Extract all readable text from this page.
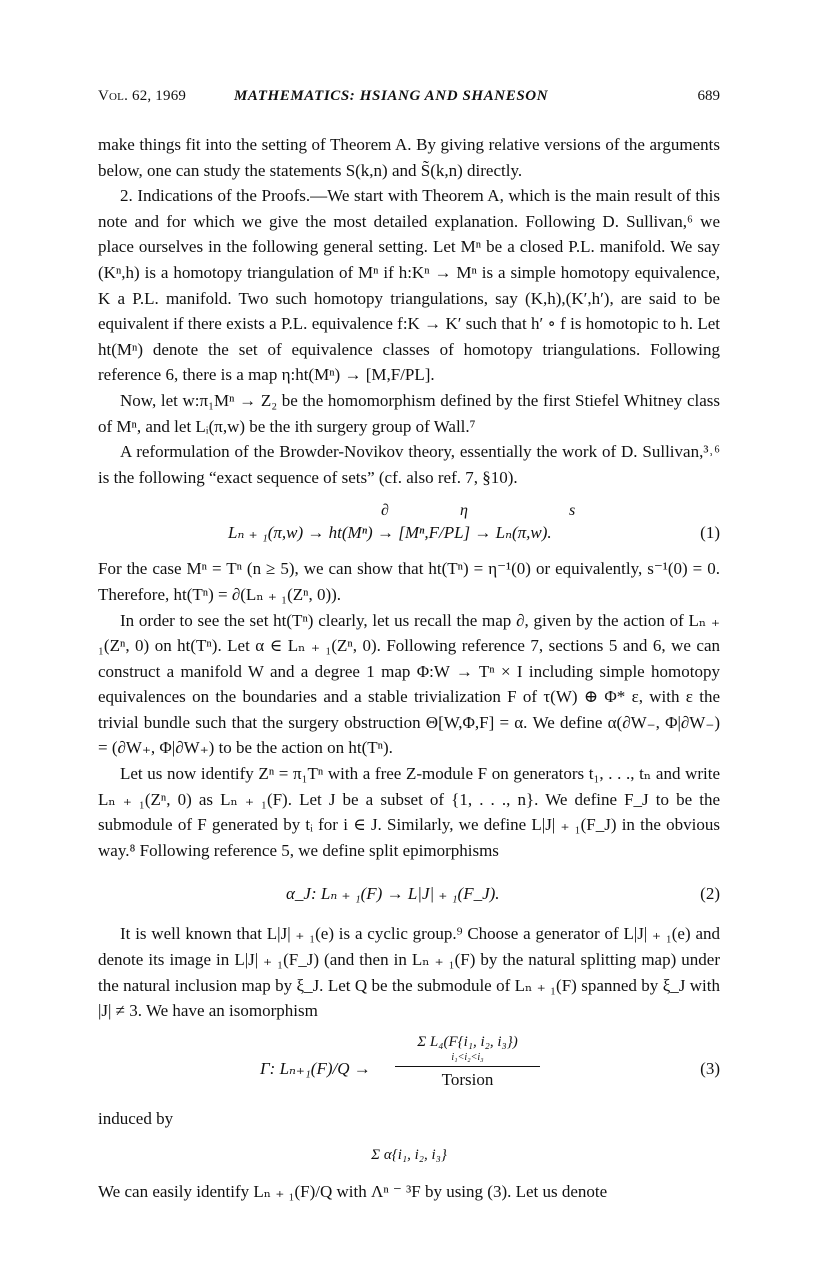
Vol. 62, 1969	MATHEMATICS: HSIANG AND SHANESON	689

make things fit into the setting of Theorem A. By giving relative versions of the arguments below, one can study the statements S(k,n) and S̃(k,n) directly.

2. Indications of the Proofs.—We start with Theorem A, which is the main result of this note and for which we give the most detailed explanation. Following D. Sullivan,⁶ we place ourselves in the following general setting. Let Mⁿ be a closed P.L. manifold. We say (Kⁿ,h) is a homotopy triangulation of Mⁿ if h:Kⁿ → Mⁿ is a simple homotopy equivalence, K a P.L. manifold. Two such homotopy triangulations, say (K,h),(K′,h′), are said to be equivalent if there exists a P.L. equivalence f:K → K′ such that h′ ∘ f is homotopic to h. Let ht(Mⁿ) denote the set of equivalence classes of homotopy triangulations. Following reference 6, there is a map η:ht(Mⁿ) → [M,F/PL].

Now, let w:π₁Mⁿ → Z₂ be the homomorphism defined by the first Stiefel Whitney class of Mⁿ, and let Lᵢ(π,w) be the ith surgery group of Wall.⁷

A reformulation of the Browder-Novikov theory, essentially the work of D. Sullivan,³˒⁶ is the following “exact sequence of sets” (cf. also ref. 7, §10).

∂	η	s
Lₙ ₊ ₁(π,w) → ht(Mⁿ) → [Mⁿ,F/PL] → Lₙ(π,w).	(1)

For the case Mⁿ = Tⁿ (n ≥ 5), we can show that ht(Tⁿ) = η⁻¹(0) or equivalently, s⁻¹(0) = 0. Therefore, ht(Tⁿ) = ∂(Lₙ ₊ ₁(Zⁿ, 0)).

In order to see the set ht(Tⁿ) clearly, let us recall the map ∂, given by the action of Lₙ ₊ ₁(Zⁿ, 0) on ht(Tⁿ). Let α ∈ Lₙ ₊ ₁(Zⁿ, 0). Following reference 7, sections 5 and 6, we can construct a manifold W and a degree 1 map Φ:W → Tⁿ × I including simple homotopy equivalences on the boundaries and a stable trivialization F of τ(W) ⊕ Φ* ε, with ε the trivial bundle such that the surgery obstruction Θ[W,Φ,F] = α. We define α(∂W₋, Φ|∂W₋) = (∂W₊, Φ|∂W₊) to be the action on ht(Tⁿ).

Let us now identify Zⁿ = π₁Tⁿ with a free Z-module F on generators t₁, . . ., tₙ and write Lₙ ₊ ₁(Zⁿ, 0) as Lₙ ₊ ₁(F). Let J be a subset of {1, . . ., n}. We define F_J to be the submodule of F generated by tᵢ for i ∈ J. Similarly, we define L|J| ₊ ₁(F_J) in the obvious way.⁸ Following reference 5, we define split epimorphisms

α_J: Lₙ ₊ ₁(F) → L|J| ₊ ₁(F_J).	(2)

It is well known that L|J| ₊ ₁(e) is a cyclic group.⁹ Choose a generator of L|J| ₊ ₁(e) and denote its image in L|J| ₊ ₁(F_J) (and then in Lₙ ₊ ₁(F) by the natural splitting map) under the natural inclusion map by ξ_J. Let Q be the submodule of Lₙ ₊ ₁(F) spanned by ξ_J with |J| ≠ 3. We have an isomorphism

Γ: Lₙ₊₁(F)/Q →
Σ L₄(F{i₁, i₂, i₃})
i₁<i₂<i₃
Torsion
(3)

induced by

Σ α{i₁, i₂, i₃}

We can easily identify Lₙ ₊ ₁(F)/Q with Λⁿ ⁻ ³F by using (3). Let us denote
